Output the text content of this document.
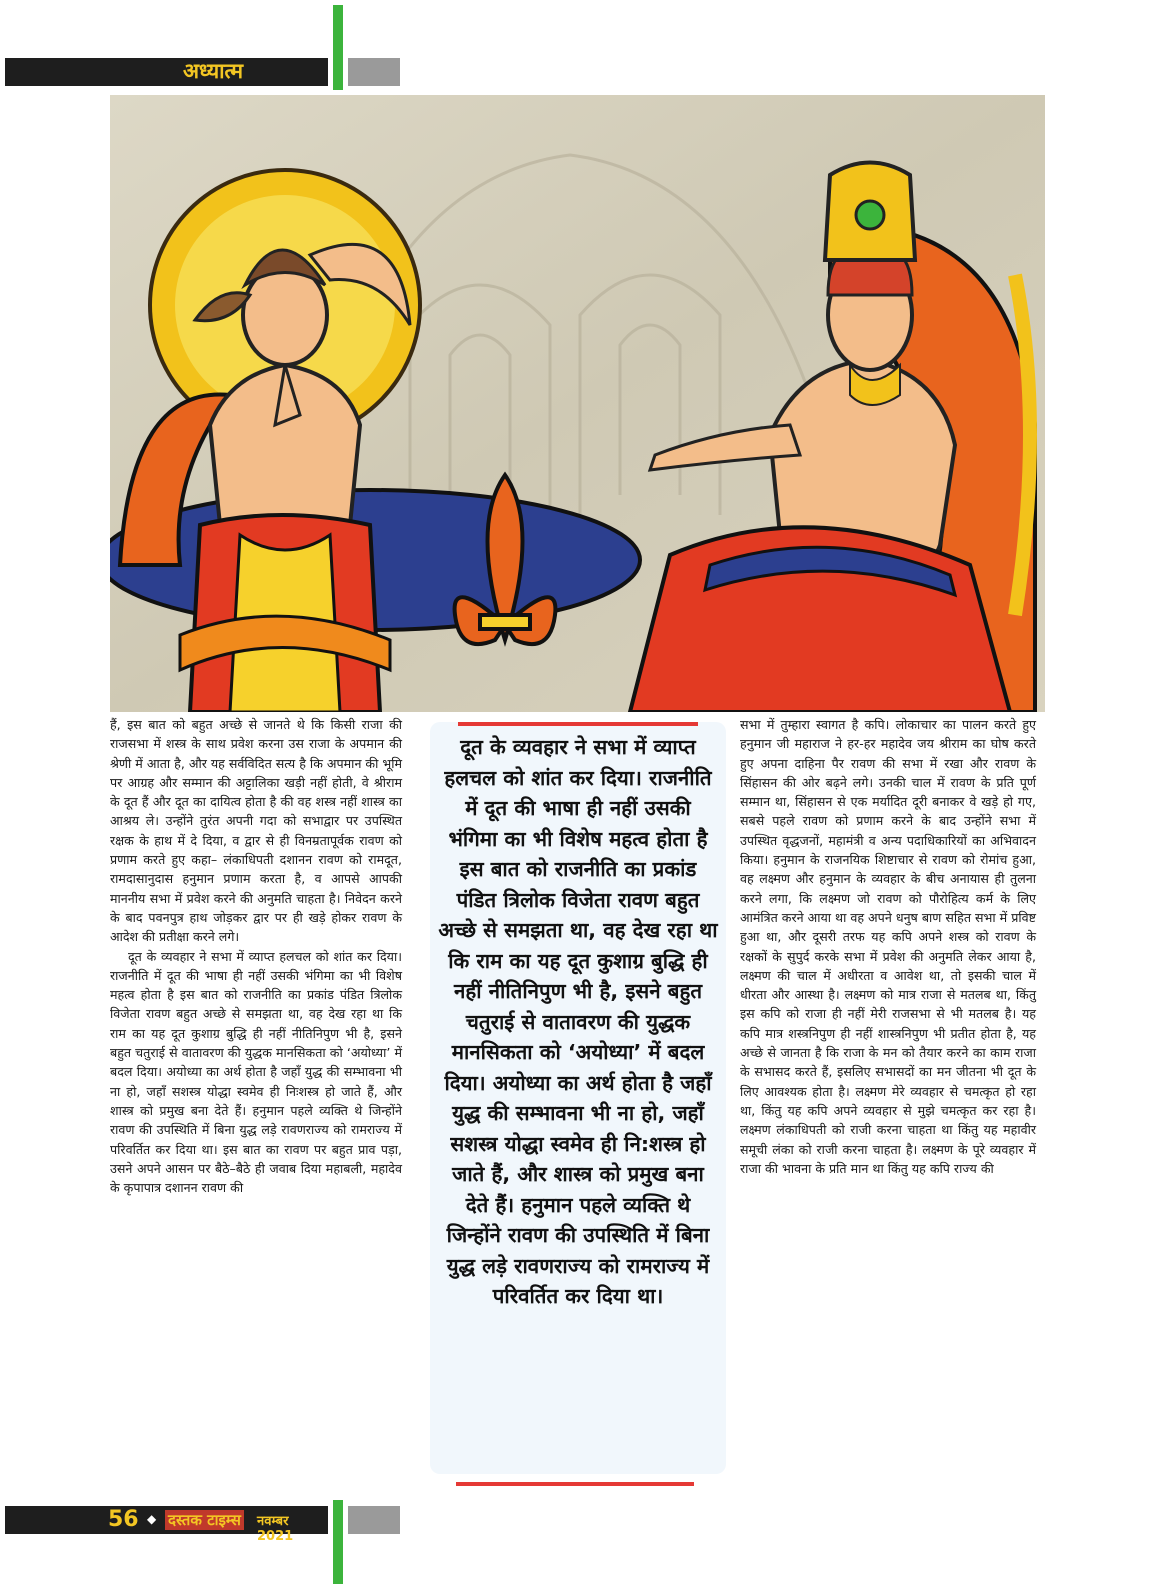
अध्यात्म

हैं, इस बात को बहुत अच्छे से जानते थे कि किसी राजा की राजसभा में शस्त्र के साथ प्रवेश करना उस राजा के अपमान की श्रेणी में आता है, और यह सर्वविदित सत्य है कि अपमान की भूमि पर आग्रह और सम्मान की अट्टालिका खड़ी नहीं होती, वे श्रीराम के दूत हैं और दूत का दायित्व होता है की वह शस्त्र नहीं शास्त्र का आश्रय ले। उन्होंने तुरंत अपनी गदा को सभाद्वार पर उपस्थित रक्षक के हाथ में दे दिया, व द्वार से ही विनम्रतापूर्वक रावण को प्रणाम करते हुए कहा– लंकाधिपती दशानन रावण को रामदूत, रामदासानुदास हनुमान प्रणाम करता है, व आपसे आपकी माननीय सभा में प्रवेश करने की अनुमति चाहता है। निवेदन करने के बाद पवनपुत्र हाथ जोड़कर द्वार पर ही खड़े होकर रावण के आदेश की प्रतीक्षा करने लगे।

दूत के व्यवहार ने सभा में व्याप्त हलचल को शांत कर दिया। राजनीति में दूत की भाषा ही नहीं उसकी भंगिमा का भी विशेष महत्व होता है इस बात को राजनीति का प्रकांड पंडित त्रिलोक विजेता रावण बहुत अच्छे से समझता था, वह देख रहा था कि राम का यह दूत कुशाग्र बुद्धि ही नहीं नीतिनिपुण भी है, इसने बहुत चतुराई से वातावरण की युद्धक मानसिकता को ‘अयोध्या’ में बदल दिया। अयोध्या का अर्थ होता है जहाँ युद्ध की सम्भावना भी ना हो, जहाँ सशस्त्र योद्धा स्वमेव ही निःशस्त्र हो जाते हैं, और शास्त्र को प्रमुख बना देते हैं। हनुमान पहले व्यक्ति थे जिन्होंने रावण की उपस्थिति में बिना युद्ध लड़े रावणराज्य को रामराज्य में परिवर्तित कर दिया था। इस बात का रावण पर बहुत प्राव पड़ा, उसने अपने आसन पर बैठे–बैठे ही जवाब दिया महाबली, महादेव के कृपापात्र दशानन रावण की

दूत के व्यवहार ने सभा में व्याप्त हलचल को शांत कर दिया। राजनीति में दूत की भाषा ही नहीं उसकी भंगिमा का भी विशेष महत्व होता है इस बात को राजनीति का प्रकांड पंडित त्रिलोक विजेता रावण बहुत अच्छे से समझता था, वह देख रहा था कि राम का यह दूत कुशाग्र बुद्धि ही नहीं नीतिनिपुण भी है, इसने बहुत चतुराई से वातावरण की युद्धक मानसिकता को ‘अयोध्या’ में बदल दिया। अयोध्या का अर्थ होता है जहाँ युद्ध की सम्भावना भी ना हो, जहाँ सशस्त्र योद्धा स्वमेव ही नि:शस्त्र हो जाते हैं, और शास्त्र को प्रमुख बना देते हैं। हनुमान पहले व्यक्ति थे जिन्होंने रावण की उपस्थिति में बिना युद्ध लड़े रावणराज्य को रामराज्य में परिवर्तित कर दिया था।

सभा में तुम्हारा स्वागत है कपि। लोकाचार का पालन करते हुए हनुमान जी महाराज ने हर-हर महादेव जय श्रीराम का घोष करते हुए अपना दाहिना पैर रावण की सभा में रखा और रावण के सिंहासन की ओर बढ़ने लगे। उनकी चाल में रावण के प्रति पूर्ण सम्मान था, सिंहासन से एक मर्यादित दूरी बनाकर वे खड़े हो गए, सबसे पहले रावण को प्रणाम करने के बाद उन्होंने सभा में उपस्थित वृद्धजनों, महामंत्री व अन्य पदाधिकारियों का अभिवादन किया। हनुमान के राजनयिक शिष्टाचार से रावण को रोमांच हुआ, वह लक्ष्मण और हनुमान के व्यवहार के बीच अनायास ही तुलना करने लगा, कि लक्ष्मण जो रावण को पौरोहित्य कर्म के लिए आमंत्रित करने आया था वह अपने धनुष बाण सहित सभा में प्रविष्ट हुआ था, और दूसरी तरफ यह कपि अपने शस्त्र को रावण के रक्षकों के सुपुर्द करके सभा में प्रवेश की अनुमति लेकर आया है, लक्ष्मण की चाल में अधीरता व आवेश था, तो इसकी चाल में धीरता और आस्था है। लक्ष्मण को मात्र राजा से मतलब था, किंतु इस कपि को राजा ही नहीं मेरी राजसभा से भी मतलब है। यह कपि मात्र शस्त्रनिपुण ही नहीं शास्त्रनिपुण भी प्रतीत होता है, यह अच्छे से जानता है कि राजा के मन को तैयार करने का काम राजा के सभासद करते हैं, इसलिए सभासदों का मन जीतना भी दूत के लिए आवश्यक होता है। लक्ष्मण मेरे व्यवहार से चमत्कृत हो रहा था, किंतु यह कपि अपने व्यवहार से मुझे चमत्कृत कर रहा है। लक्ष्मण लंकाधिपती को राजी करना चाहता था किंतु यह महावीर समूची लंका को राजी करना चाहता है। लक्ष्मण के पूरे व्यवहार में राजा की भावना के प्रति मान था किंतु यह कपि राज्य की

56 ◆ दस्तक टाइम्स नवम्बर 2021
